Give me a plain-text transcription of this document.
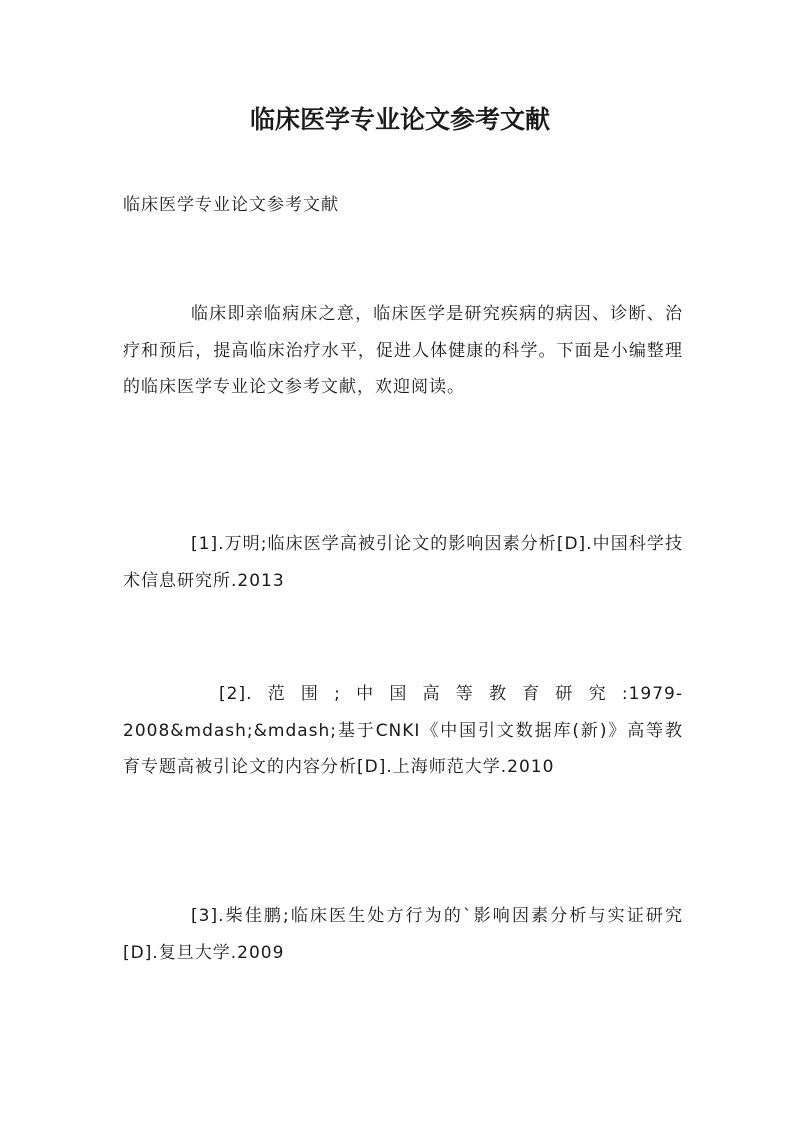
临床医学专业论文参考文献

临床医学专业论文参考文献

临床即亲临病床之意，临床医学是研究疾病的病因、诊断、治疗和预后，提高临床治疗水平，促进人体健康的科学。下面是小编整理的临床医学专业论文参考文献，欢迎阅读。

[1].万明;临床医学高被引论文的影响因素分析[D].中国科学技术信息研究所.2013

[2].范围;中国高等教育研究:1979-2008&mdash;&mdash;基于CNKI《中国引文数据库(新)》高等教育专题高被引论文的内容分析[D].上海师范大学.2010

[3].柴佳鹏;临床医生处方行为的`影响因素分析与实证研究[D].复旦大学.2009
